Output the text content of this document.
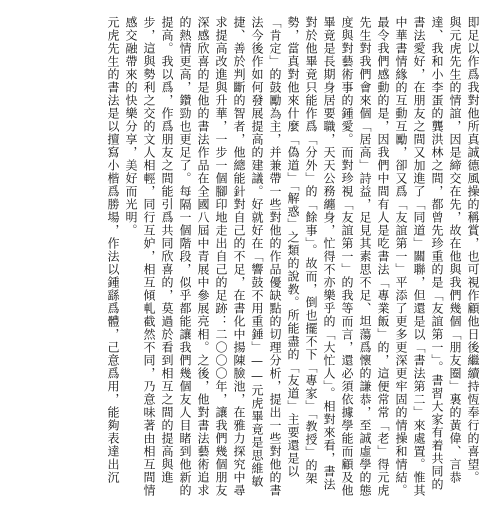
即足以作爲我對他所真誠德風操的稱賞，也可視作顧他日後繼續持恆奉行的喜望。

與元虎先生的情誼，因是締交在先，故在他與我們幾個「朋友圈」裏的黃偉、言恭達、我和小李蛋的龔洪林之間，都曾先珍重的是「友誼第一」。書習大家有着共同的書法愛好，在朋友之間又加進了「同道」關聯，但還是以「書法第二」來處置。惟其中華書情緣的互動互勵，卻又爲「友誼第一」平添了更多更深更牢固的情操和情結。最令我們感動的是，因我們中間有人是吃書法「專業飯」的，這便常常「老」得元虎先生對我們會來個「居高」詩益，足見其素思不足、坦蕩爲懷的謙恭，至誠虛學的態度與對藝術事的鍾愛。而對珍視「友誼第一」的我等而言，還必須依據學能而顧及他畢竟是長期身居要職，天天公務纏身，忙得不亦樂乎的「大忙人」。相對來看，書法對於他畢竟只能作爲「分外」的「餘事」。故而，倒也擺不下「專家」「教授」的架勢，當真對他來什麼「偽道」「解惑」之類的說教。所能盡的「友道」主要還是以「肯定」的鼓勵為主，并兼帶一些對他的作品優缺點的切理分析，提出一些對他的書法今後作如何發展提高的建議。好就好在「響鼓不用重錘」——元虎畢竟是思維敏捷、善於判斷的智者，他總能針對自己的不足，在書化中揚陳臉池，在雅力探究中尋求提高改進與升華，一步一個腳印地走出自己的足跡：二〇〇〇年，讓我們幾個朋友深感欣喜的是他的書法作品在全國八屆中青展中參展亮相。之後，他對書法藝術追求的熱情更高，鑽勁也更足了。每隔一個階段，似乎都能讓我們幾個友人目睹到他新的提高。我以爲，作爲朋友之間能引爲共同欣喜的，莫過於看到相互之間的提高與進步，這與勢利之交的文人相輕，同行互妒，相互傾軋截然不同，乃意味著由相互間情感交融帶來的快樂分享，美好而光明。

元虎先生的書法是以擅寫小楷爲勝場，作法以鍾繇爲體，己意爲用，能夠表達出沉
